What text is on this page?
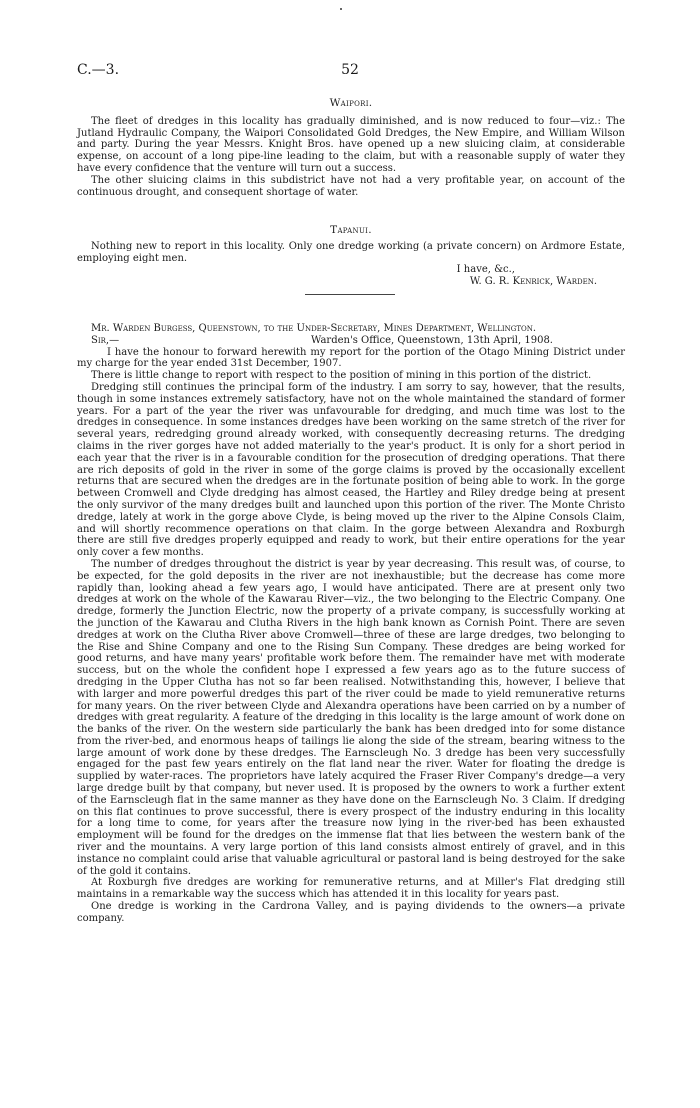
C.—3.	52

Waipori.

The fleet of dredges in this locality has gradually diminished, and is now reduced to four—viz.: The Jutland Hydraulic Company, the Waipori Consolidated Gold Dredges, the New Empire, and William Wilson and party. During the year Messrs. Knight Bros. have opened up a new sluicing claim, at considerable expense, on account of a long pipe-line leading to the claim, but with a reasonable supply of water they have every confidence that the venture will turn out a success.

The other sluicing claims in this subdistrict have not had a very profitable year, on account of the continuous drought, and consequent shortage of water.

Tapanui.

Nothing new to report in this locality. Only one dredge working (a private concern) on Ardmore Estate, employing eight men.

I have, &c.,

W. G. R. Kenrick, Warden.

Mr. Warden Burgess, Queenstown, to the Under-Secretary, Mines Department, Wellington.

Sir,—	Warden's Office, Queenstown, 13th April, 1908.

I have the honour to forward herewith my report for the portion of the Otago Mining District under my charge for the year ended 31st December, 1907.

There is little change to report with respect to the position of mining in this portion of the district.

Dredging still continues the principal form of the industry. I am sorry to say, however, that the results, though in some instances extremely satisfactory, have not on the whole maintained the standard of former years. For a part of the year the river was unfavourable for dredging, and much time was lost to the dredges in consequence. In some instances dredges have been working on the same stretch of the river for several years, redredging ground already worked, with consequently decreasing returns. The dredging claims in the river gorges have not added materially to the year's product. It is only for a short period in each year that the river is in a favourable condition for the prosecution of dredging operations. That there are rich deposits of gold in the river in some of the gorge claims is proved by the occasionally excellent returns that are secured when the dredges are in the fortunate position of being able to work. In the gorge between Cromwell and Clyde dredging has almost ceased, the Hartley and Riley dredge being at present the only survivor of the many dredges built and launched upon this portion of the river. The Monte Christo dredge, lately at work in the gorge above Clyde, is being moved up the river to the Alpine Consols Claim, and will shortly recommence operations on that claim. In the gorge between Alexandra and Roxburgh there are still five dredges properly equipped and ready to work, but their entire operations for the year only cover a few months.

The number of dredges throughout the district is year by year decreasing. This result was, of course, to be expected, for the gold deposits in the river are not inexhaustible; but the decrease has come more rapidly than, looking ahead a few years ago, I would have anticipated. There are at present only two dredges at work on the whole of the Kawarau River—viz., the two belonging to the Electric Company. One dredge, formerly the Junction Electric, now the property of a private company, is successfully working at the junction of the Kawarau and Clutha Rivers in the high bank known as Cornish Point. There are seven dredges at work on the Clutha River above Cromwell—three of these are large dredges, two belonging to the Rise and Shine Company and one to the Rising Sun Company. These dredges are being worked for good returns, and have many years' profitable work before them. The remainder have met with moderate success, but on the whole the confident hope I expressed a few years ago as to the future success of dredging in the Upper Clutha has not so far been realised. Notwithstanding this, however, I believe that with larger and more powerful dredges this part of the river could be made to yield remunerative returns for many years. On the river between Clyde and Alexandra operations have been carried on by a number of dredges with great regularity. A feature of the dredging in this locality is the large amount of work done on the banks of the river. On the western side particularly the bank has been dredged into for some distance from the river-bed, and enormous heaps of tailings lie along the side of the stream, bearing witness to the large amount of work done by these dredges. The Earnscleugh No. 3 dredge has been very successfully engaged for the past few years entirely on the flat land near the river. Water for floating the dredge is supplied by water-races. The proprietors have lately acquired the Fraser River Company's dredge—a very large dredge built by that company, but never used. It is proposed by the owners to work a further extent of the Earnscleugh flat in the same manner as they have done on the Earnscleugh No. 3 Claim. If dredging on this flat continues to prove successful, there is every prospect of the industry enduring in this locality for a long time to come, for years after the treasure now lying in the river-bed has been exhausted employment will be found for the dredges on the immense flat that lies between the western bank of the river and the mountains. A very large portion of this land consists almost entirely of gravel, and in this instance no complaint could arise that valuable agricultural or pastoral land is being destroyed for the sake of the gold it contains.

At Roxburgh five dredges are working for remunerative returns, and at Miller's Flat dredging still maintains in a remarkable way the success which has attended it in this locality for years past.

One dredge is working in the Cardrona Valley, and is paying dividends to the owners—a private company.
